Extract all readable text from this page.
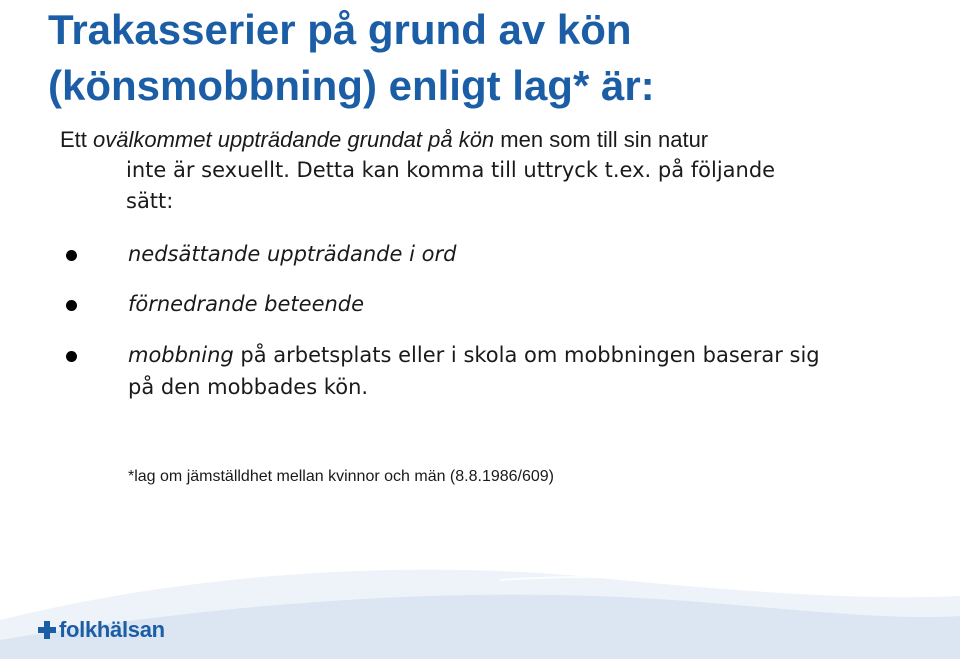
Trakasserier på grund av kön
(könsmobbning) enligt lag* är:
Ett ovälkommet uppträdande grundat på kön men som till sin natur
inte är sexuellt. Detta kan komma till uttryck t.ex. på följande
sätt:
nedsättande uppträdande i ord
förnedrande beteende
mobbning på arbetsplats eller i skola om mobbningen baserar sig
på den mobbades kön.
*lag om jämställdhet mellan kvinnor och män (8.8.1986/609)
folkhälsan
